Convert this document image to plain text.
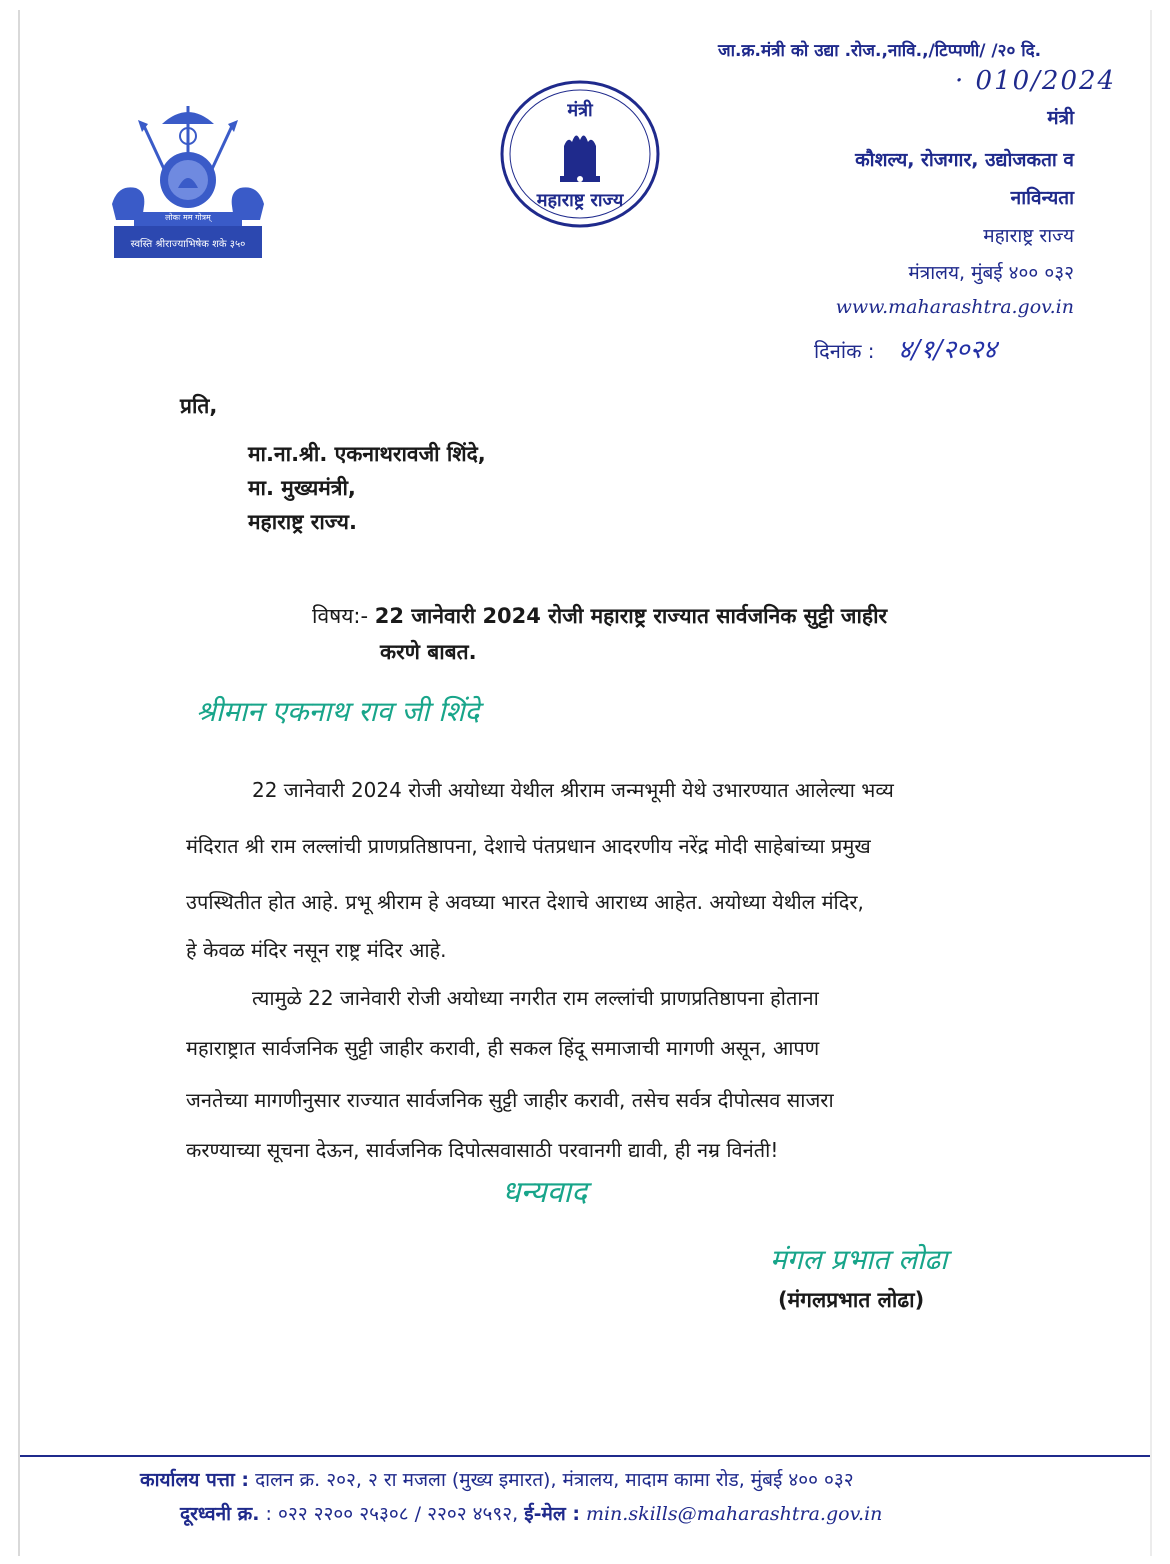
जा.क्र.मंत्री को उद्या .रोज.,नावि.,/टिप्पणी/ /२० दि.
· 010/2024
लोकः मम गोत्रम्
स्वस्ति श्रीराज्याभिषेक शके ३५०
मंत्री
महाराष्ट्र राज्य
मंत्री
कौशल्य, रोजगार, उद्योजकता व
नाविन्यता
महाराष्ट्र राज्य
मंत्रालय, मुंबई ४०० ०३२
www.maharashtra.gov.in
दिनांक : ४/१/२०२४
प्रति,
मा.ना.श्री. एकनाथरावजी शिंदे,
मा. मुख्यमंत्री,
महाराष्ट्र राज्य.
विषय:- 22 जानेवारी 2024 रोजी महाराष्ट्र राज्यात सार्वजनिक सुट्टी जाहीर
करणे बाबत.
श्रीमान एकनाथ राव जी शिंदे
22 जानेवारी 2024 रोजी अयोध्या येथील श्रीराम जन्मभूमी येथे उभारण्यात आलेल्या भव्य
मंदिरात श्री राम लल्लांची प्राणप्रतिष्ठापना, देशाचे पंतप्रधान आदरणीय नरेंद्र मोदी साहेबांच्या प्रमुख
उपस्थितीत होत आहे. प्रभू श्रीराम हे अवघ्या भारत देशाचे आराध्य आहेत. अयोध्या येथील मंदिर,
हे केवळ मंदिर नसून राष्ट्र मंदिर आहे.
त्यामुळे 22 जानेवारी रोजी अयोध्या नगरीत राम लल्लांची प्राणप्रतिष्ठापना होताना
महाराष्ट्रात सार्वजनिक सुट्टी जाहीर करावी, ही सकल हिंदू समाजाची मागणी असून, आपण
जनतेच्या मागणीनुसार राज्यात सार्वजनिक सुट्टी जाहीर करावी, तसेच सर्वत्र दीपोत्सव साजरा
करण्याच्या सूचना देऊन, सार्वजनिक दिपोत्सवासाठी परवानगी द्यावी, ही नम्र विनंती!
धन्यवाद
मंगल प्रभात लोढा
(मंगलप्रभात लोढा)
कार्यालय पत्ता : दालन क्र. २०२, २ रा मजला (मुख्य इमारत), मंत्रालय, मादाम कामा रोड, मुंबई ४०० ०३२
दूरध्वनी क्र. : ०२२ २२०० २५३०८ / २२०२ ४५९२, ई-मेल : min.skills@maharashtra.gov.in
